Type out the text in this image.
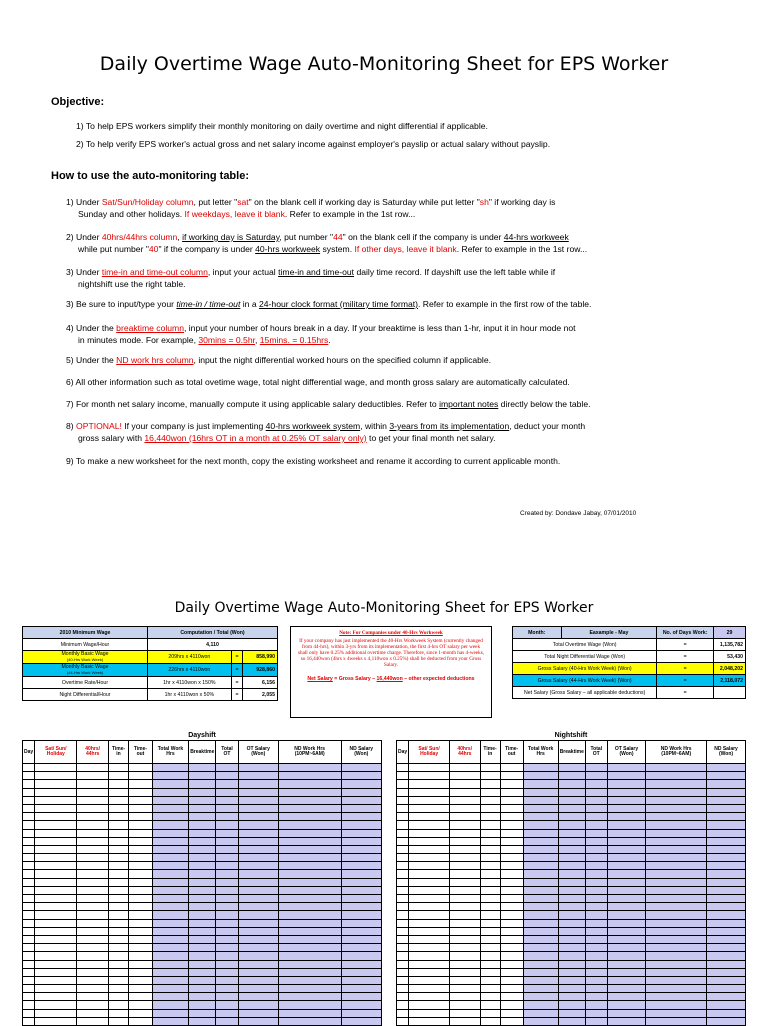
Daily Overtime Wage Auto-Monitoring Sheet for EPS Worker
Objective:
1) To help EPS workers simplify their monthly monitoring on daily overtime and night differential if applicable.
2) To help verify EPS worker's actual gross and net salary income against employer's payslip or actual salary without payslip.
How to use the auto-monitoring table:
1) Under Sat/Sun/Holiday column, put letter "sat" on the blank cell if working day is Saturday while put letter "sh" if working day is
Sunday and other holidays. If weekdays, leave it blank. Refer to example in the 1st row...
2) Under 40hrs/44hrs column, if working day is Saturday, put number "44" on the blank cell if the company is under 44-hrs workweek
while put number "40" if the company is under 40-hrs workweek system. If other days, leave it blank. Refer to example in the 1st row...
3) Under time-in and time-out column, input your actual time-in and time-out daily time record. If dayshift use the left table while if
nightshift use the right table.
3) Be sure to input/type your time-in / time-out in a 24-hour clock format (military time format). Refer to example in the first row of the table.
4) Under the breaktime column, input your number of hours break in a day. If your breaktime is less than 1-hr, input it in hour mode not
in minutes mode. For example, 30mins = 0.5hr, 15mins. = 0.15hrs.
5) Under the ND work hrs column, input the night differential worked hours on the specified column if applicable.
6) All other information such as total ovetime wage, total night differential wage, and month gross salary are automatically calculated.
7) For month net salary income, manually compute it using applicable salary deductibles. Refer to important notes directly below the table.
8) OPTIONAL! If your company is just implementing 40-hrs workweek system, within 3-years from its implementation, deduct your month
gross salary with 16,440won (16hrs OT in a month at 0.25% OT salary only) to get your final month net salary.
9) To make a new worksheet for the next month, copy the existing worksheet and rename it according to current applicable month.
Created by: Dondave Jabay, 07/01/2010
Daily Overtime Wage Auto-Monitoring Sheet for EPS Worker
2010 Minimum Wage	Computation / Total (Won)		
Minimum Wage/Hour	4,110		
Monthly Basic Wage
(40-Hrs Work Week)	209hrs x 4110won	=	858,990
Monthly Basic Wage
(44-Hrs Work Week)	226hrs x 4110won	=	928,860
Overtime Rate/Hour	1hr x 4110won x 150%	=	6,156
Night Differential/Hour	1hr x 4110won x 50%	=	2,055
Note: For Companies under 40-Hrs Workweek
If your company has just implemented the 40-Hrs Workweek System (currently changed from 44-hrs), within 3-yrs from its implementation, the first 4-hrs OT salary per week shall only have 0.25% additional overtime charge. Therefore, since 1-month has 4-weeks, so 16,440won (4hrs x 4weeks x 4,110won x 0.25%) shall be deducted from your Gross Salary.
Net Salary = Gross Salary – 16,440won – other expected deductions
Month:	Eaxample - May	No. of Days Work:	29
Total Overtime Wage (Won)		=	1,135,782
Total Night Differential Wage (Won)		=	53,430
Gross Salary (40-Hrs Work Week) (Won)		=	2,048,202
Gross Salary (44-Hrs Work Week) (Won)		=	2,118,072
Net Salary (Gross Salary – all applicable deductions)		=	
Dayshift										
Day	Sat/ Sun/ Holiday	40hrs/ 44hrs	Time-in	Time-out	Total Work Hrs	Breaktime	Total OT	OT Salary (Won)	ND Work Hrs (10PM~6AM)	ND Salary (Won)

Nightshift										
Day	Sat/ Sun/ Holiday	40hrs/ 44hrs	Time-in	Time-out	Total Work Hrs	Breaktime	Total OT	OT Salary (Won)	ND Work Hrs (10PM~6AM)	ND Salary (Won)
